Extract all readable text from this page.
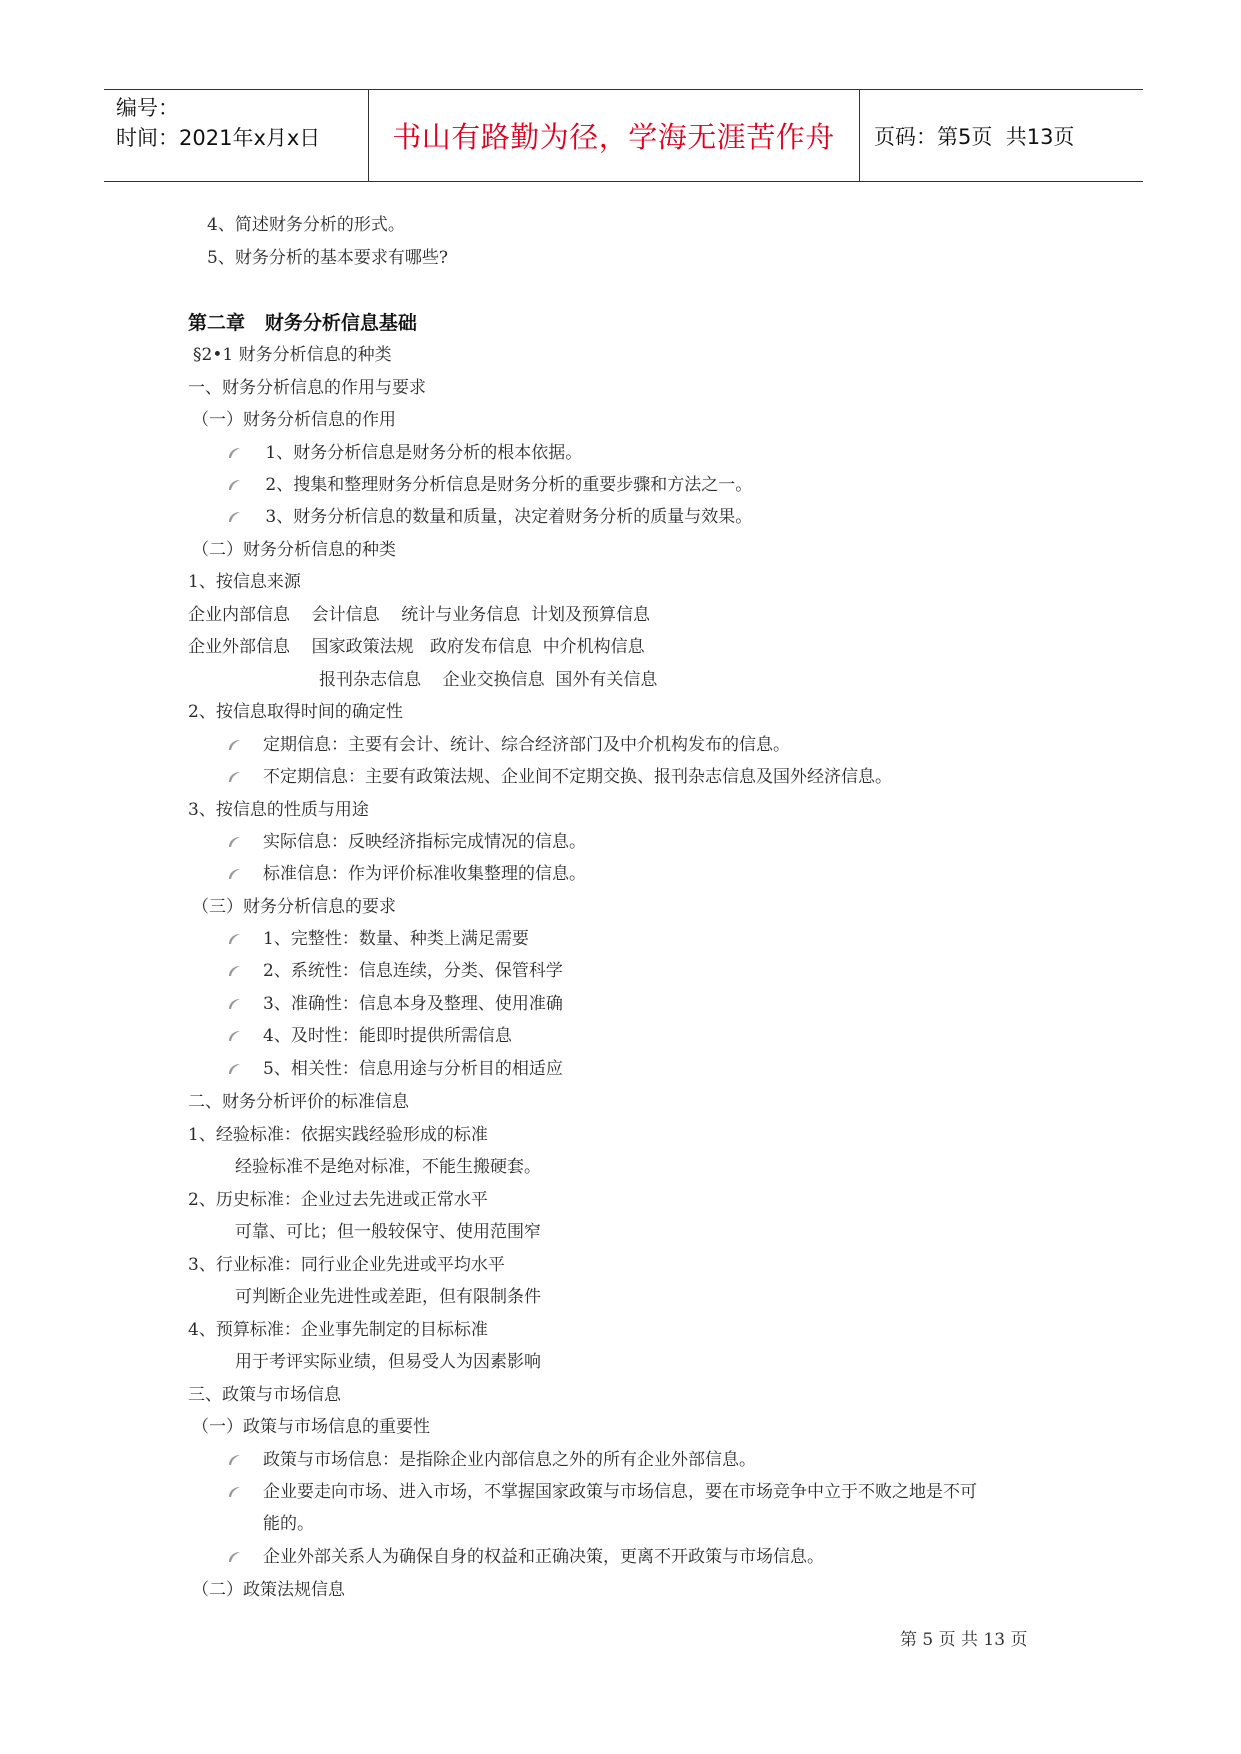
编号：
时间：2021年x月x日	书山有路勤为径，学海无涯苦作舟	页码：第5页  共13页
4、简述财务分析的形式。
5、财务分析的基本要求有哪些?
第二章   财务分析信息基础
§2•1 财务分析信息的种类
一、财务分析信息的作用与要求
（一）财务分析信息的作用
1、财务分析信息是财务分析的根本依据。
2、搜集和整理财务分析信息是财务分析的重要步骤和方法之一。
3、财务分析信息的数量和质量，决定着财务分析的质量与效果。
（二）财务分析信息的种类
1、按信息来源
企业内部信息    会计信息    统计与业务信息  计划及预算信息
企业外部信息    国家政策法规   政府发布信息  中介机构信息
报刊杂志信息    企业交换信息  国外有关信息
2、按信息取得时间的确定性
定期信息：主要有会计、统计、综合经济部门及中介机构发布的信息。
不定期信息：主要有政策法规、企业间不定期交换、报刊杂志信息及国外经济信息。
3、按信息的性质与用途
实际信息：反映经济指标完成情况的信息。
标准信息：作为评价标准收集整理的信息。
（三）财务分析信息的要求
1、完整性：数量、种类上满足需要
2、系统性：信息连续，分类、保管科学
3、准确性：信息本身及整理、使用准确
4、及时性：能即时提供所需信息
5、相关性：信息用途与分析目的相适应
二、财务分析评价的标准信息
1、经验标准：依据实践经验形成的标准
经验标准不是绝对标准，不能生搬硬套。
2、历史标准：企业过去先进或正常水平
可靠、可比；但一般较保守、使用范围窄
3、行业标准：同行业企业先进或平均水平
可判断企业先进性或差距，但有限制条件
4、预算标准：企业事先制定的目标标准
用于考评实际业绩，但易受人为因素影响
三、政策与市场信息
（一）政策与市场信息的重要性
政策与市场信息：是指除企业内部信息之外的所有企业外部信息。
企业要走向市场、进入市场，不掌握国家政策与市场信息，要在市场竞争中立于不败之地是不可
能的。
企业外部关系人为确保自身的权益和正确决策，更离不开政策与市场信息。
（二）政策法规信息
第 5 页 共 13 页
